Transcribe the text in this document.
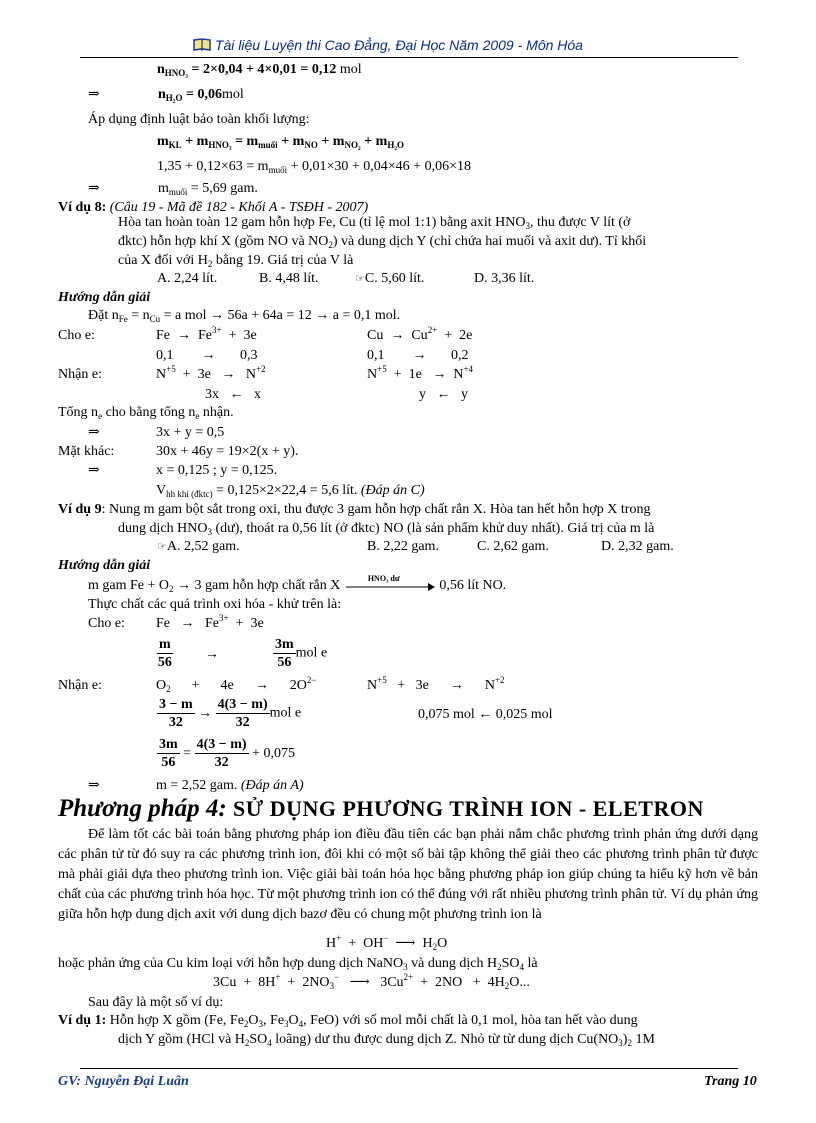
Tài liệu Luyện thi Cao Đẳng, Đại Học Năm 2009 - Môn Hóa
$n_{HNO_3} = 2\times 0,04 + 4\times 0,01 = 0,12$ mol
⇒	$n_{H_2O} = 0,06mol$
Áp dụng định luật bảo toàn khối lượng:
$m_{KL} + m_{HNO_3} = m_{muối} + m_{NO} + m_{NO_2} + m_{H_2O}$
$1,35 + 0,12\times 63 = m_{muối} + 0,01\times 30 + 0,04\times 46 + 0,06\times 18$
⇒	$m_{muối} = 5,69$ gam.
Ví dụ 8: (Câu 19 - Mã đề 182 - Khối A - TSĐH - 2007)
Hòa tan hoàn toàn 12 gam hỗn hợp Fe, Cu (tỉ lệ mol 1:1) bằng axit $HNO_3$, thu được V lít (ở
đktc) hỗn hợp khí X (gồm NO và $NO_2$) và dung dịch Y (chỉ chứa hai muối và axit dư). Tỉ khối
của X đối với $H_2$ bằng 19. Giá trị của V là
A. 2,24 lít.	B. 4,48 lít.	☞C. 5,60 lít.	D. 3,36 lít.
Hướng dẫn giải
Đặt $n_{Fe} = n_{Cu} = a$ mol → 56a + 64a = 12 → a = 0,1 mol.
Cho e:	$Fe \to Fe^{3+} + 3e$	$Cu \to Cu^{2+} + 2e$
0,1        →       0,3	0,1        →       0,2
Nhận e:	$N^{+5} + 3e \to N^{+2}$	$N^{+5} + 1e \to N^{+4}$
3x   ←   x	y   ←   y
Tổng $n_e$ cho bằng tổng $n_e$ nhận.
⇒	3x + y = 0,5
Mặt khác:	30x + 46y = 19×2(x + y).
⇒	x = 0,125 ; y = 0,125.
$V_{hh khí (đktc)} = 0,125\times 2\times 22,4 = 5,6$ lít. (Đáp án C)
Ví dụ 9: Nung m gam bột sắt trong oxi, thu được 3 gam hỗn hợp chất rắn X. Hòa tan hết hỗn hợp X trong
dung dịch $HNO_3$ (dư), thoát ra 0,56 lít (ở đktc) NO (là sản phẩm khử duy nhất). Giá trị của m là
☞A. 2,52 gam.	B. 2,22 gam.	C. 2,62 gam.	D. 2,32 gam.
Hướng dẫn giải
m gam $Fe + O_2 \to 3$ gam hỗn hợp chất rắn X	HNO₃ dư	0,56 lít NO.
Thực chất các quá trình oxi hóa - khử trên là:
Cho e: $Fe \to Fe^{3+} + 3e$
$\frac{m}{56}$ →	$\frac{3m}{56}$ mol e
Nhận e:	$O_2$      +      4e      →      $2O^{2-}$	$N^{+5} + 3e$      →      $N^{+2}$
$\frac{3 - m}{32} \to \frac{4(3 - m)}{32}$ mol e	0,075 mol ← 0,025 mol
$\frac{3m}{56} = \frac{4(3 - m)}{32} + 0,075$
⇒	m = 2,52 gam. (Đáp án A)
Phương pháp 4: SỬ DỤNG PHƯƠNG TRÌNH ION - ELETRON
Để làm tốt các bài toán bằng phương pháp ion điều đầu tiên các bạn phải nắm chắc phương trình phản ứng dưới dạng các phân tử từ đó suy ra các phương trình ion, đôi khi có một số bài tập không thể giải theo các phương trình phân tử được mà phải giải dựa theo phương trình ion. Việc giải bài toán hóa học bằng phương pháp ion giúp chúng ta hiểu kỹ hơn về bản chất của các phương trình hóa học. Từ một phương trình ion có thể đúng với rất nhiều phương trình phân tử. Ví dụ phản ứng giữa hỗn hợp dung dịch axit với dung dịch bazơ đều có chung một phương trình ion là
H+  +  OH−  ⟶  $H_2O$
hoặc phản ứng của Cu kim loại với hỗn hợp dung dịch NaNO$_3$ và dung dịch $H_2SO_4$ là
$3Cu + 8H^+ + 2NO_3^-$   ⟶   $3Cu^{2+} + 2NO + 4H_2O$...
Sau đây là một số ví dụ:
Ví dụ 1: Hỗn hợp X gồm (Fe, $Fe_2O_3$, $Fe_3O_4$, FeO) với số mol mỗi chất là 0,1 mol, hòa tan hết vào dung
dịch Y gồm (HCl và $H_2SO_4$ loãng) dư thu được dung dịch Z. Nhỏ từ từ dung dịch $Cu(NO_3)_2$ 1M
GV: Nguyễn Đại Luân	Trang 10
